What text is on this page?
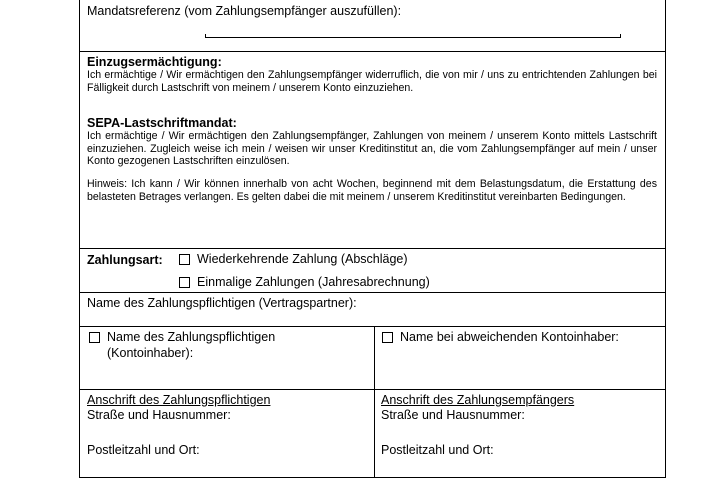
Mandatsreferenz (vom Zahlungsempfänger auszufüllen):
Einzugsermächtigung:
Ich ermächtige / Wir ermächtigen den Zahlungsempfänger widerruflich, die von mir / uns zu entrichtenden Zahlungen bei Fälligkeit durch Lastschrift von meinem / unserem Konto einzuziehen.
SEPA-Lastschriftmandat:
Ich ermächtige / Wir ermächtigen den Zahlungsempfänger, Zahlungen von meinem / unserem Konto mittels Lastschrift einzuziehen. Zugleich weise ich mein / weisen wir unser Kreditinstitut an, die vom Zahlungsempfänger auf mein / unser Konto gezogenen Lastschriften einzulösen.
Hinweis: Ich kann / Wir können innerhalb von acht Wochen, beginnend mit dem Belastungsdatum, die Erstattung des belasteten Betrages verlangen. Es gelten dabei die mit meinem / unserem Kreditinstitut vereinbarten Bedingungen.
Zahlungsart:	Wiederkehrende Zahlung (Abschläge)
Einmalige Zahlungen (Jahresabrechnung)
Name des Zahlungspflichtigen (Vertragspartner):
Name des Zahlungspflichtigen
(Kontoinhaber):
Name bei abweichenden Kontoinhaber:
Anschrift des Zahlungspflichtigen
Straße und Hausnummer:
Postleitzahl und Ort:
Anschrift des Zahlungsempfängers
Straße und Hausnummer:
Postleitzahl und Ort:
